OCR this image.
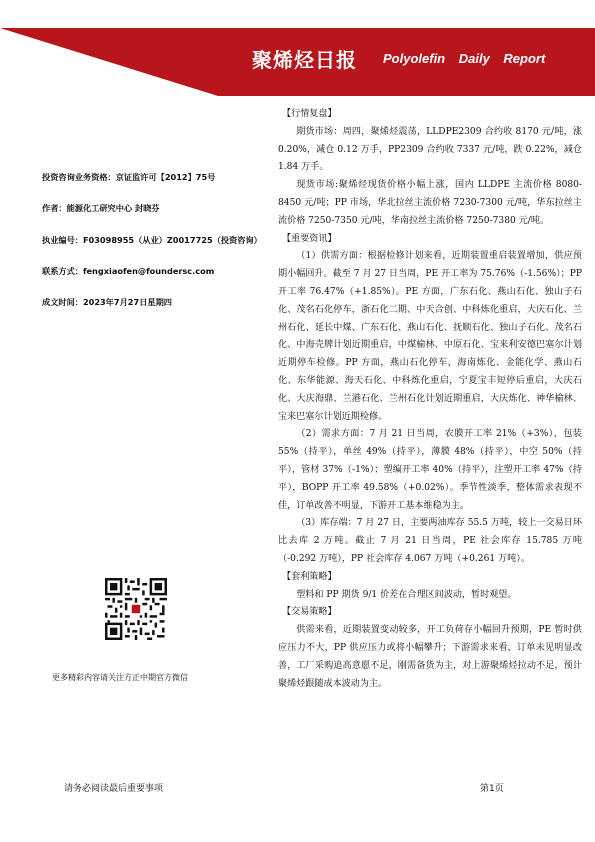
聚烯烃日报 Polyolefin Daily Report
投资咨询业务资格：京证监许可【2012】75号
作者：能源化工研究中心 封晓芬
执业编号：F03098955（从业）Z0017725（投资咨询）
联系方式：fengxiaofen@foundersc.com
成文时间：2023年7月27日星期四
更多精彩内容请关注方正中期官方微信

【行情复盘】

期货市场：周四，聚烯烃震荡，LLDPE2309 合约收 8170 元/吨，涨 0.20%，减仓 0.12 万手，PP2309 合约收 7337 元/吨，跌 0.22%，减仓 1.84 万手。

现货市场:聚烯烃现货价格小幅上涨，国内 LLDPE 主流价格 8080-8450 元/吨；PP 市场，华北拉丝主流价格 7230-7300 元/吨，华东拉丝主流价格 7250-7350 元/吨，华南拉丝主流价格 7250-7380 元/吨。

【重要资讯】

（1）供需方面：根据检修计划来看，近期装置重启装置增加，供应预期小幅回升。截至 7 月 27 日当周，PE 开工率为 75.76%（-1.56%）；PP 开工率 76.47%（+1.85%）。PE 方面，广东石化、燕山石化、独山子石化、茂名石化停车，浙石化二期、中天合创、中科炼化重启，大庆石化、兰州石化、延长中煤、广东石化、燕山石化、抚顺石化、独山子石化、茂名石化、中海壳牌计划近期重启，中煤榆林、中原石化、宝来利安德巴塞尔计划近期停车检修。PP 方面，燕山石化停车，海南炼化、金能化学、燕山石化、东华能源、海天石化、中科炼化重启，宁夏宝丰短停后重启，大庆石化、大庆海鼎、兰港石化、兰州石化计划近期重启，大庆炼化、神华榆林、宝来巴塞尔计划近期检修。

（2）需求方面：7 月 21 日当周，农膜开工率 21%（+3%），包装 55%（持平），单丝 49%（持平），薄膜 48%（持平），中空 50%（持平），管材 37%（-1%）；塑编开工率 40%（持平），注塑开工率 47%（持平），BOPP 开工率 49.58%（+0.02%）。季节性淡季，整体需求表现不佳，订单改善不明显，下游开工基本维稳为主。

（3）库存端：7 月 27 日，主要两油库存 55.5 万吨，较上一交易日环比去库 2 万吨。截止 7 月 21 日当周，PE 社会库存 15.785 万吨（-0.292 万吨），PP 社会库存 4.067 万吨（+0.261 万吨）。

【套利策略】

塑料和 PP 期货 9/1 价差在合理区间波动，暂时观望。

【交易策略】

供需来看，近期装置变动较多，开工负荷存小幅回升预期，PE 暂时供应压力不大，PP 供应压力或将小幅攀升；下游需求来看，订单未见明显改善，工厂采购追高意愿不足，刚需备货为主，对上游聚烯烃拉动不足，预计聚烯烃跟随成本波动为主。

请务必阅读最后重要事项	第1页
